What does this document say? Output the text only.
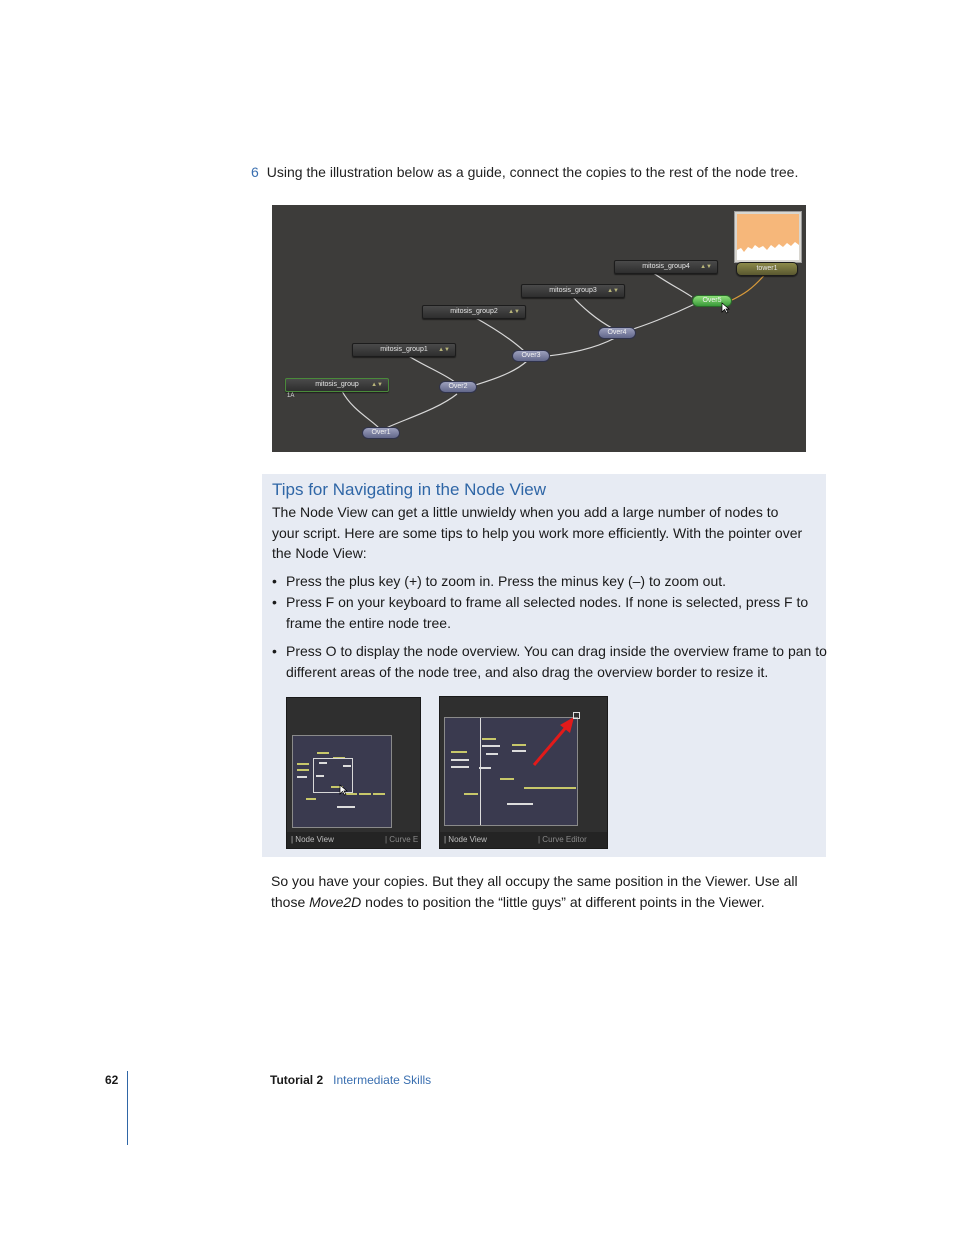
6 Using the illustration below as a guide, connect the copies to the rest of the node tree.
tower1
mitosis_group4 ▲▼
mitosis_group3 ▲▼
mitosis_group2 ▲▼
mitosis_group1 ▲▼
mitosis_group ▲▼
1A
Over5
Over4
Over3
Over2
Over1
Tips for Navigating in the Node View
The Node View can get a little unwieldy when you add a large number of nodes to your script. Here are some tips to help you work more efficiently. With the pointer over the Node View:
• Press the plus key (+) to zoom in. Press the minus key (–) to zoom out.
• Press F on your keyboard to frame all selected nodes. If none is selected, press F to frame the entire node tree.
• Press O to display the node overview. You can drag inside the overview frame to pan to different areas of the node tree, and also drag the overview border to resize it.
| Node View	| Curve E	| Node View	| Curve Editor
So you have your copies. But they all occupy the same position in the Viewer. Use all those Move2D nodes to position the “little guys” at different points in the Viewer.
62	Tutorial 2 Intermediate Skills
